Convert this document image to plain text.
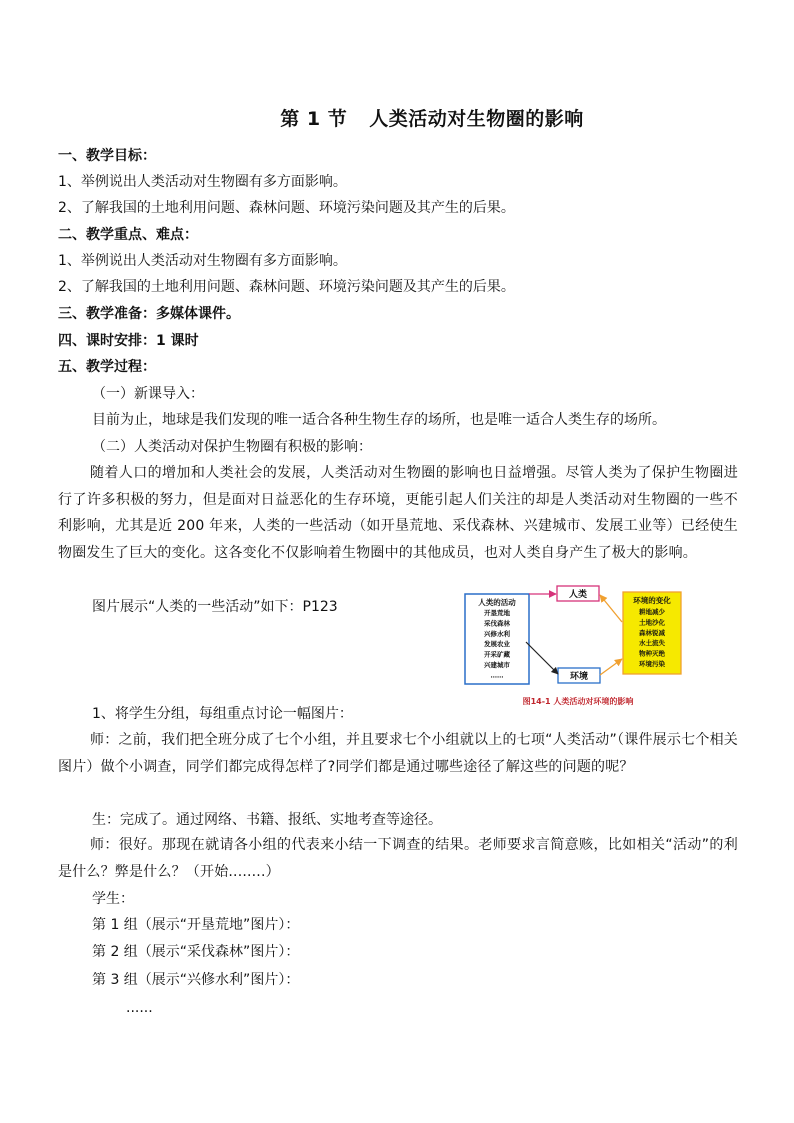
第 1 节 人类活动对生物圈的影响
一、教学目标：
1、举例说出人类活动对生物圈有多方面影响。
2、了解我国的土地利用问题、森林问题、环境污染问题及其产生的后果。
二、教学重点、难点：
1、举例说出人类活动对生物圈有多方面影响。
2、了解我国的土地利用问题、森林问题、环境污染问题及其产生的后果。
三、教学准备：多媒体课件。
四、课时安排：1 课时
五、教学过程：
（一）新课导入：
目前为止，地球是我们发现的唯一适合各种生物生存的场所，也是唯一适合人类生存的场所。
（二）人类活动对保护生物圈有积极的影响：
随着人口的增加和人类社会的发展，人类活动对生物圈的影响也日益增强。尽管人类为了保护生物圈进行了许多积极的努力，但是面对日益恶化的生存环境，更能引起人们关注的却是人类活动对生物圈的一些不利影响，尤其是近 200 年来，人类的一些活动（如开垦荒地、采伐森林、兴建城市、发展工业等）已经使生物圈发生了巨大的变化。这各变化不仅影响着生物圈中的其他成员，也对人类自身产生了极大的影响。
图片展示“人类的一些活动”如下：P123	人类的活动
开垦荒地
采伐森林
兴修水利
发展农业
开采矿藏
兴建城市
……
人类
环境
环境的变化
耕地减少
土地沙化
森林锐减
水土流失
物种灭绝
环境污染
图14-1 人类活动对环境的影响
1、将学生分组，每组重点讨论一幅图片：
师：之前，我们把全班分成了七个小组，并且要求七个小组就以上的七项“人类活动”（课件展示七个相关图片）做个小调查，同学们都完成得怎样了?同学们都是通过哪些途径了解这些的问题的呢？
生：完成了。通过网络、书籍、报纸、实地考查等途径。
师：很好。那现在就请各小组的代表来小结一下调查的结果。老师要求言简意赅，比如相关“活动”的利是什么？弊是什么？（开始........）
学生：
第 1 组（展示“开垦荒地”图片）：
第 2 组（展示“采伐森林”图片）：
第 3 组（展示“兴修水利”图片）：
......
